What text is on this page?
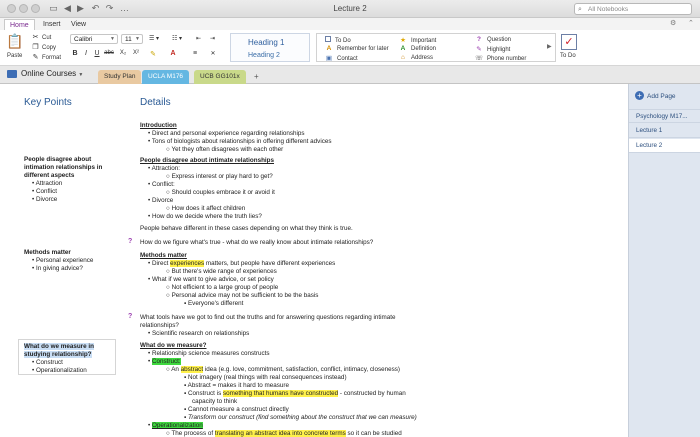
▭ ◀ ▶ ↶ ↷ …	Lecture 2	⌕ All Notebooks
Home	Insert	View	⚙ ⌃
📋
Paste
✂ Cut
❐ Copy
✎ Format
Calibri	▼	11 ▼ ☰ ▾ ☷ ▾ ⇤ ⇥
B	I	U abc X₂	X² ✎	A	≡	✕
Heading 1
Heading 2
To Do
A Remember for later
▣ Contact
★ Important
A Definition
⌂ Address
? Question
✎ Highlight
☏ Phone number
▶	✓
To Do
Online Courses ▼	Study Plan	UCLA M176	UCB GG101x	+
Key Points	Details
People disagree about
intimation relationships in
different aspects
• Attraction
• Conflict
• Divorce
Methods matter
• Personal experience
• In giving advice?
What do we measure in
studying relationship?
• Construct
• Operationalization
Introduction
• Direct and personal experience regarding relationships
• Tons of biologists about relationships in offering different advices
○ Yet they often disagrees with each other
People disagree about intimate relationships
• Attraction:
○ Express interest or play hard to get?
• Conflict:
○ Should couples embrace it or avoid it
• Divorce
○ How does it affect children
• How do we decide where the truth lies?
People behave different in these cases depending on what they think is true.
? How do we figure what's true - what do we really know about intimate relationships?
Methods matter
• Direct experiences matters, but people have different experiences
○ But there's wide range of experiences
• What if we want to give advice, or set policy
○ Not efficient to a large group of people
○ Personal advice may not be sufficient to be the basis
▪ Everyone's different
? What tools have we got to find out the truths and for answering questions regarding intimate
relationships?
• Scientific research on relationships
What do we measure?
• Relationship science measures constructs
• Construct:
○ An abstract idea (e.g. love, commitment, satisfaction, conflict, intimacy, closeness)
▪ Not imagery (real things with real consequences instead)
▪ Abstract = makes it hard to measure
▪ Construct is something that humans have constructed - constructed by human
capacity to think
▪ Cannot measure a construct directly
▪ Transform our construct (find something about the construct that we can measure)
• Operationalization
○ The process of translating an abstract idea into concrete terms so it can be studied
+ Add Page
Psychology M17...
Lecture 1
Lecture 2
